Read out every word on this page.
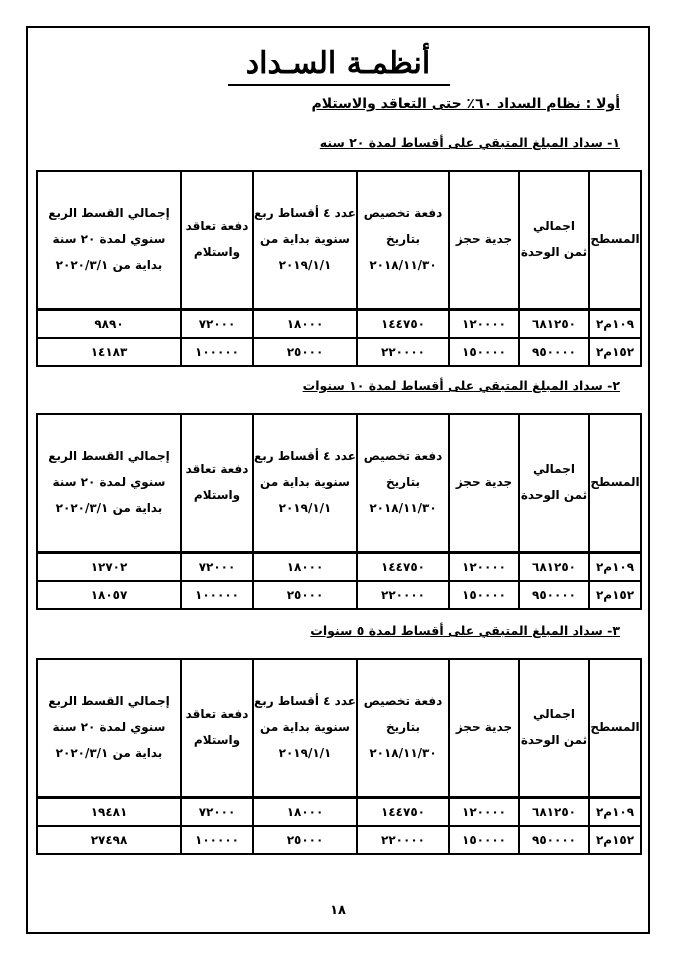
أنظمـة السـداد
أولا : نظام السداد ٦٠٪ حتى التعاقد والاستلام
١- سداد المبلغ المتبقي على أقساط لمدة ٢٠ سنه
المسطح	اجمالي ثمن الوحدة	جدية حجز	دفعة تخصيص بتاريخ ٢٠١٨/١١/٣٠	عدد ٤ أقساط ربع سنوية بداية من ٢٠١٩/١/١	دفعة تعاقد واستلام	إجمالي القسط الربع سنوي لمدة ٢٠ سنة بداية من ٢٠٢٠/٣/١
١٠٩م٢	٦٨١٢٥٠	١٢٠٠٠٠	١٤٤٧٥٠	١٨٠٠٠	٧٢٠٠٠	٩٨٩٠
١٥٢م٢	٩٥٠٠٠٠	١٥٠٠٠٠	٢٢٠٠٠٠	٢٥٠٠٠	١٠٠٠٠٠	١٤١٨٣
٢- سداد المبلغ المتبقي على أقساط لمدة ١٠ سنوات
المسطح	اجمالي ثمن الوحدة	جدية حجز	دفعة تخصيص بتاريخ ٢٠١٨/١١/٣٠	عدد ٤ أقساط ربع سنوية بداية من ٢٠١٩/١/١	دفعة تعاقد واستلام	إجمالي القسط الربع سنوي لمدة ٢٠ سنة بداية من ٢٠٢٠/٣/١
١٠٩م٢	٦٨١٢٥٠	١٢٠٠٠٠	١٤٤٧٥٠	١٨٠٠٠	٧٢٠٠٠	١٢٧٠٢
١٥٢م٢	٩٥٠٠٠٠	١٥٠٠٠٠	٢٢٠٠٠٠	٢٥٠٠٠	١٠٠٠٠٠	١٨٠٥٧
٣- سداد المبلغ المتبقي على أقساط لمدة ٥ سنوات
المسطح	اجمالي ثمن الوحدة	جدية حجز	دفعة تخصيص بتاريخ ٢٠١٨/١١/٣٠	عدد ٤ أقساط ربع سنوية بداية من ٢٠١٩/١/١	دفعة تعاقد واستلام	إجمالي القسط الربع سنوي لمدة ٢٠ سنة بداية من ٢٠٢٠/٣/١
١٠٩م٢	٦٨١٢٥٠	١٢٠٠٠٠	١٤٤٧٥٠	١٨٠٠٠	٧٢٠٠٠	١٩٤٨١
١٥٢م٢	٩٥٠٠٠٠	١٥٠٠٠٠	٢٢٠٠٠٠	٢٥٠٠٠	١٠٠٠٠٠	٢٧٤٩٨
١٨
